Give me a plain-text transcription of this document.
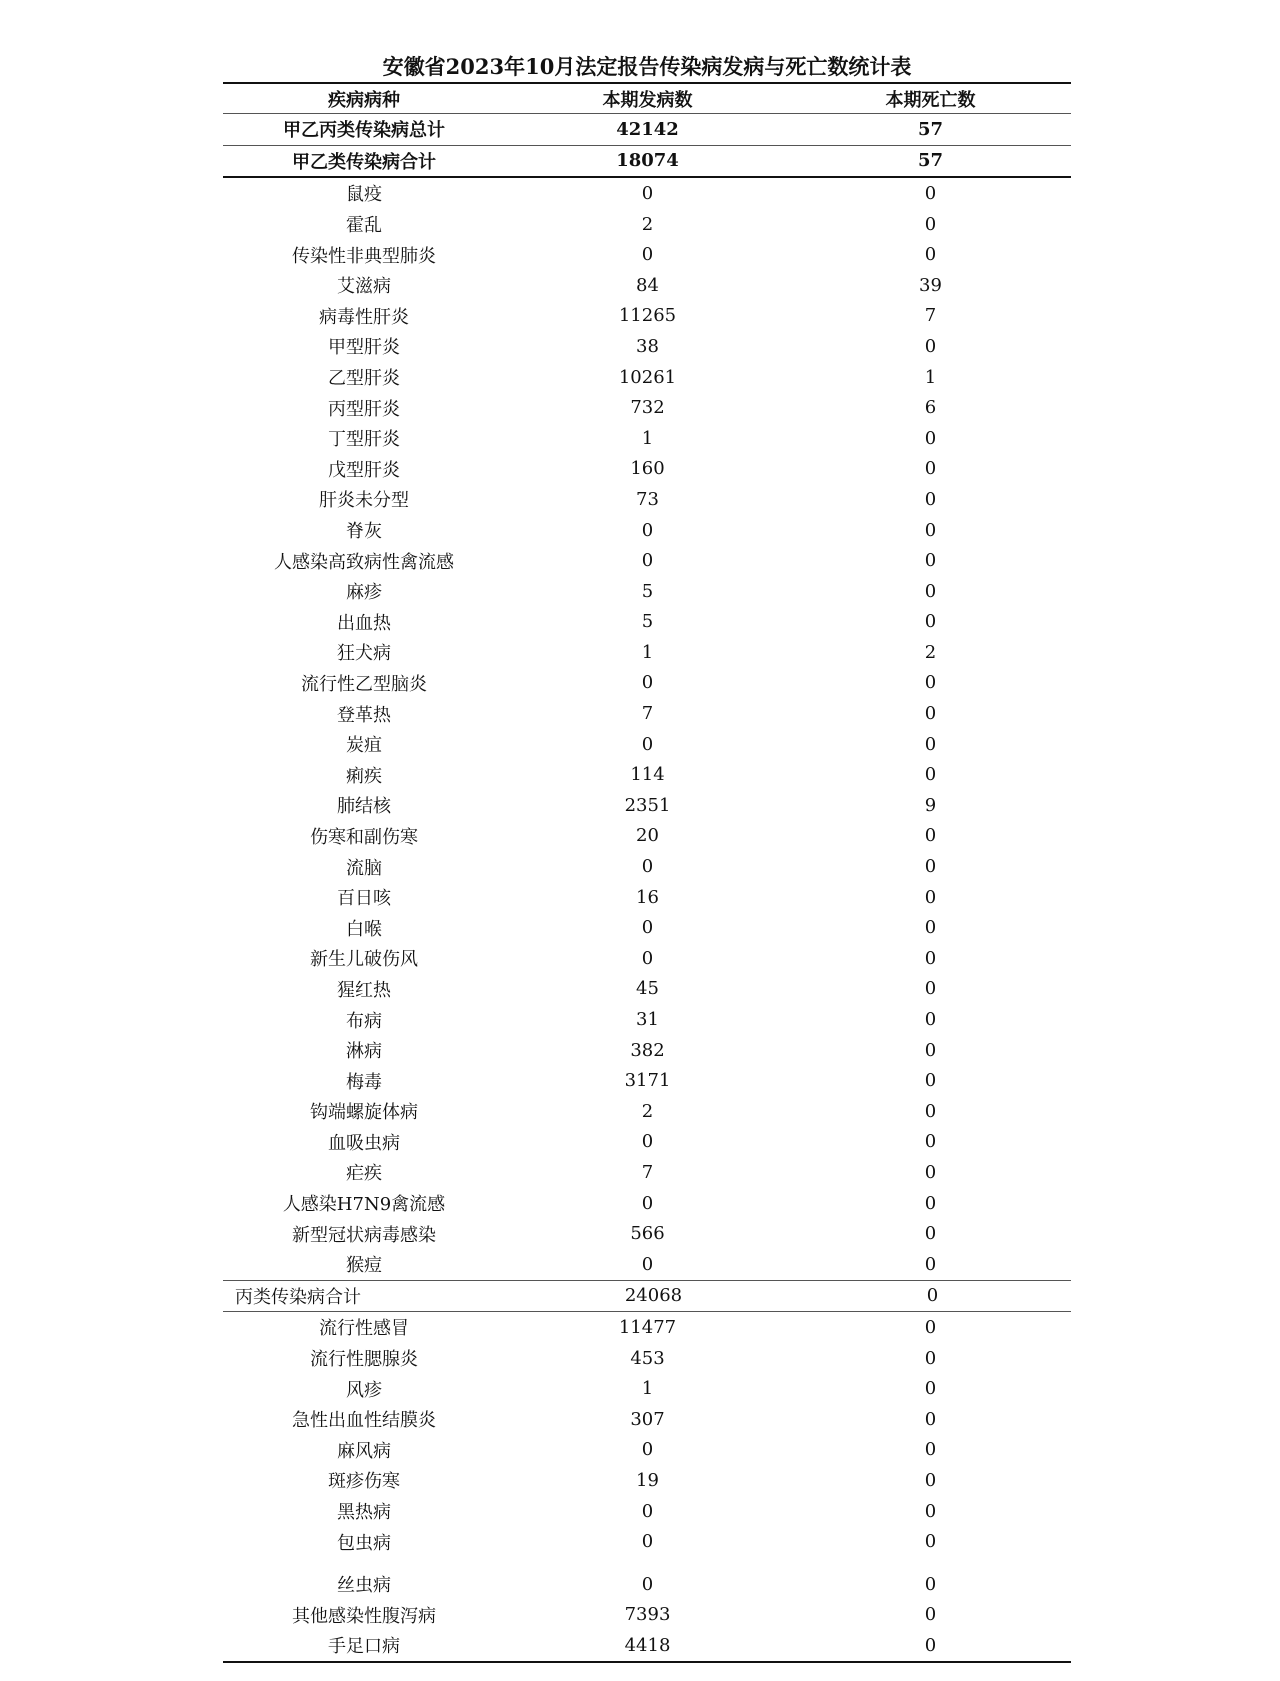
安徽省2023年10月法定报告传染病发病与死亡数统计表
疾病病种	本期发病数	本期死亡数
甲乙丙类传染病总计	42142	57
甲乙类传染病合计	18074	57
鼠疫	0	0
霍乱	2	0
传染性非典型肺炎	0	0
艾滋病	84	39
病毒性肝炎	11265	7
甲型肝炎	38	0
乙型肝炎	10261	1
丙型肝炎	732	6
丁型肝炎	1	0
戊型肝炎	160	0
肝炎未分型	73	0
脊灰	0	0
人感染高致病性禽流感	0	0
麻疹	5	0
出血热	5	0
狂犬病	1	2
流行性乙型脑炎	0	0
登革热	7	0
炭疽	0	0
痢疾	114	0
肺结核	2351	9
伤寒和副伤寒	20	0
流脑	0	0
百日咳	16	0
白喉	0	0
新生儿破伤风	0	0
猩红热	45	0
布病	31	0
淋病	382	0
梅毒	3171	0
钩端螺旋体病	2	0
血吸虫病	0	0
疟疾	7	0
人感染H7N9禽流感	0	0
新型冠状病毒感染	566	0
猴痘	0	0
丙类传染病合计	24068	0
流行性感冒	11477	0
流行性腮腺炎	453	0
风疹	1	0
急性出血性结膜炎	307	0
麻风病	0	0
斑疹伤寒	19	0
黑热病	0	0
包虫病	0	0
丝虫病	0	0
其他感染性腹泻病	7393	0
手足口病	4418	0
